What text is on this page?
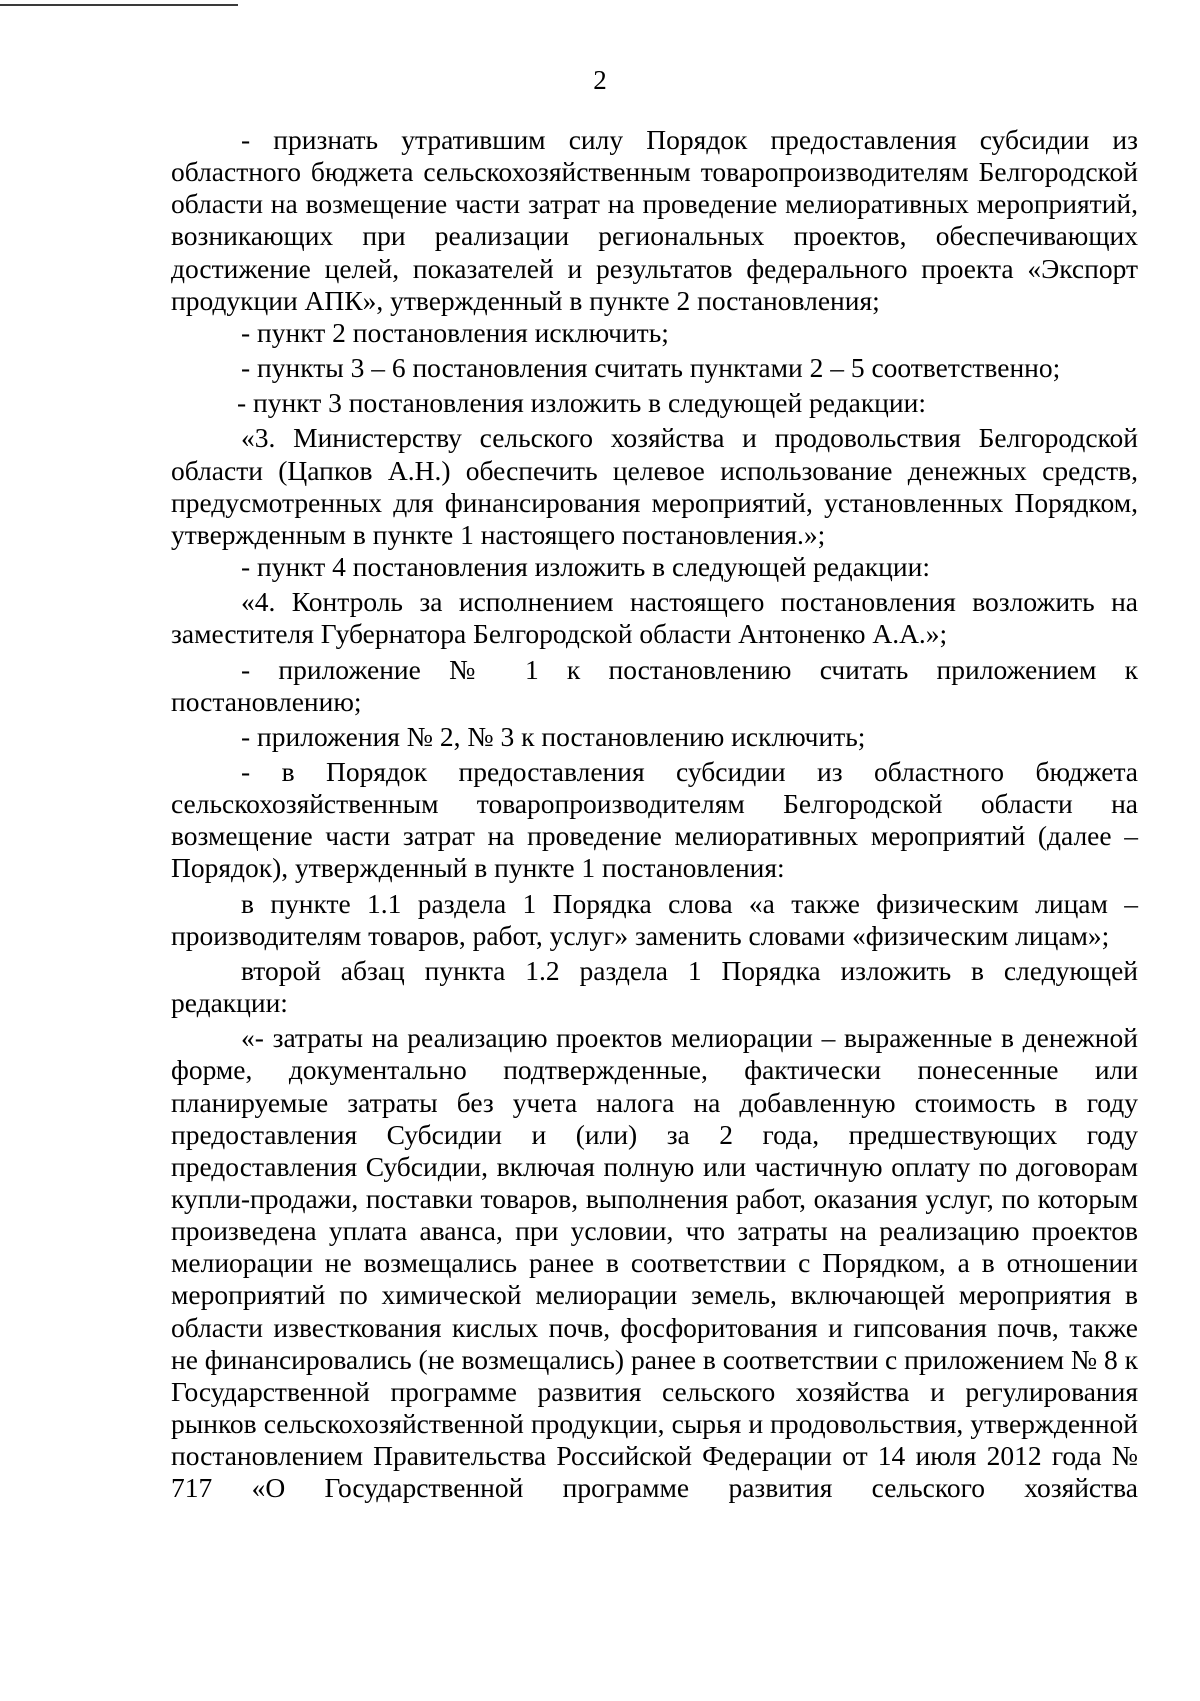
2

- признать утратившим силу Порядок предоставления субсидии из областного бюджета сельскохозяйственным товаропроизводителям Белгородской области на возмещение части затрат на проведение мелиоративных мероприятий, возникающих при реализации региональных проектов, обеспечивающих достижение целей, показателей и результатов федерального проекта «Экспорт продукции АПК», утвержденный в пункте 2 постановления;

- пункт 2 постановления исключить;

- пункты 3 – 6 постановления считать пунктами 2 – 5 соответственно;

- пункт 3 постановления изложить в следующей редакции:

«3. Министерству сельского хозяйства и продовольствия Белгородской области (Цапков А.Н.) обеспечить целевое использование денежных средств, предусмотренных для финансирования мероприятий, установленных Порядком, утвержденным в пункте 1 настоящего постановления.»;

- пункт 4 постановления изложить в следующей редакции:

«4. Контроль за исполнением настоящего постановления возложить на заместителя Губернатора Белгородской области Антоненко А.А.»;

- приложение № 1 к постановлению считать приложением к постановлению;

- приложения № 2, № 3 к постановлению исключить;

- в Порядок предоставления субсидии из областного бюджета сельскохозяйственным товаропроизводителям Белгородской области на возмещение части затрат на проведение мелиоративных мероприятий (далее – Порядок), утвержденный в пункте 1 постановления:

в пункте 1.1 раздела 1 Порядка слова «а также физическим лицам – производителям товаров, работ, услуг» заменить словами «физическим лицам»;

второй абзац пункта 1.2 раздела 1 Порядка изложить в следующей редакции:

«- затраты на реализацию проектов мелиорации – выраженные в денежной форме, документально подтвержденные, фактически понесенные или планируемые затраты без учета налога на добавленную стоимость в году предоставления Субсидии и (или) за 2 года, предшествующих году предоставления Субсидии, включая полную или частичную оплату по договорам купли-продажи, поставки товаров, выполнения работ, оказания услуг, по которым произведена уплата аванса, при условии, что затраты на реализацию проектов мелиорации не возмещались ранее в соответствии с Порядком, а в отношении мероприятий по химической мелиорации земель, включающей мероприятия в области известкования кислых почв, фосфоритования и гипсования почв, также не финансировались (не возмещались) ранее в соответствии с приложением № 8 к Государственной программе развития сельского хозяйства и регулирования рынков сельскохозяйственной продукции, сырья и продовольствия, утвержденной постановлением Правительства Российской Федерации от 14 июля 2012 года № 717 «О Государственной программе развития сельского хозяйства
